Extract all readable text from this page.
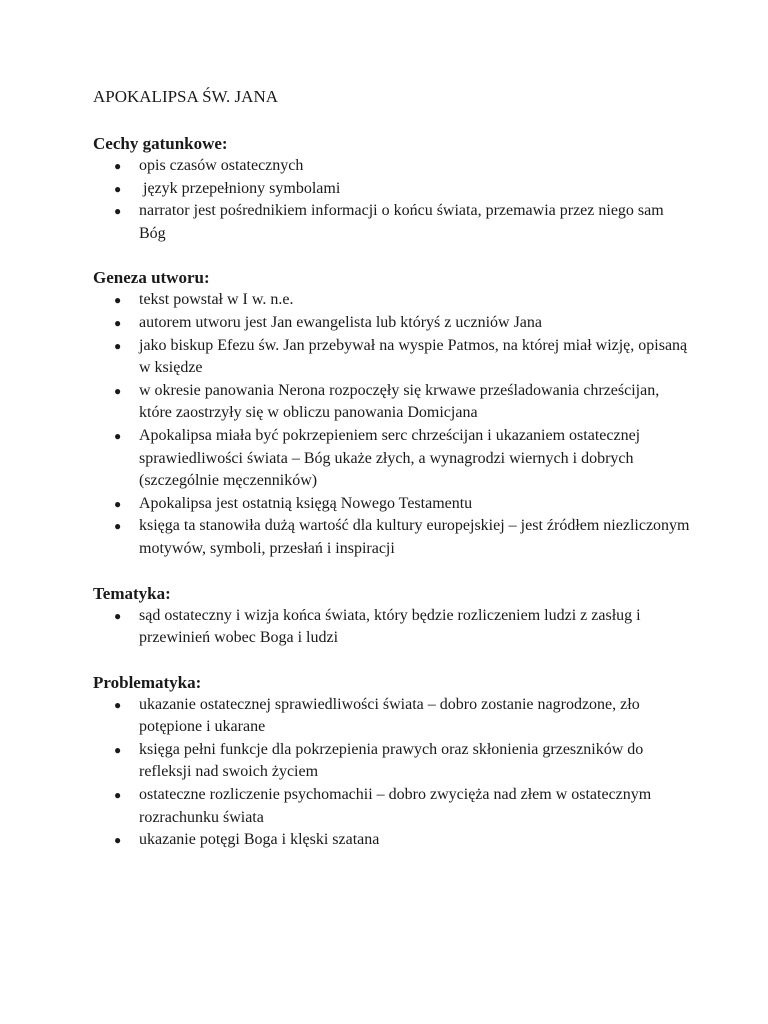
APOKALIPSA ŚW. JANA
Cechy gatunkowe:
● opis czasów ostatecznych
● język przepełniony symbolami
● narrator jest pośrednikiem informacji o końcu świata, przemawia przez niego sam Bóg
Geneza utworu:
● tekst powstał w I w. n.e.
● autorem utworu jest Jan ewangelista lub któryś z uczniów Jana
● jako biskup Efezu św. Jan przebywał na wyspie Patmos, na której miał wizję, opisaną w księdze
● w okresie panowania Nerona rozpoczęły się krwawe prześladowania chrześcijan, które zaostrzyły się w obliczu panowania Domicjana
● Apokalipsa miała być pokrzepieniem serc chrześcijan i ukazaniem ostatecznej sprawiedliwości świata – Bóg ukaże złych, a wynagrodzi wiernych i dobrych (szczególnie męczenników)
● Apokalipsa jest ostatnią księgą Nowego Testamentu
● księga ta stanowiła dużą wartość dla kultury europejskiej – jest źródłem niezliczonym motywów, symboli, przesłań i inspiracji
Tematyka:
● sąd ostateczny i wizja końca świata, który będzie rozliczeniem ludzi z zasług i przewinień wobec Boga i ludzi
Problematyka:
● ukazanie ostatecznej sprawiedliwości świata – dobro zostanie nagrodzone, zło potępione i ukarane
● księga pełni funkcje dla pokrzepienia prawych oraz skłonienia grzeszników do refleksji nad swoich życiem
● ostateczne rozliczenie psychomachii – dobro zwycięża nad złem w ostatecznym rozrachunku świata
● ukazanie potęgi Boga i klęski szatana
